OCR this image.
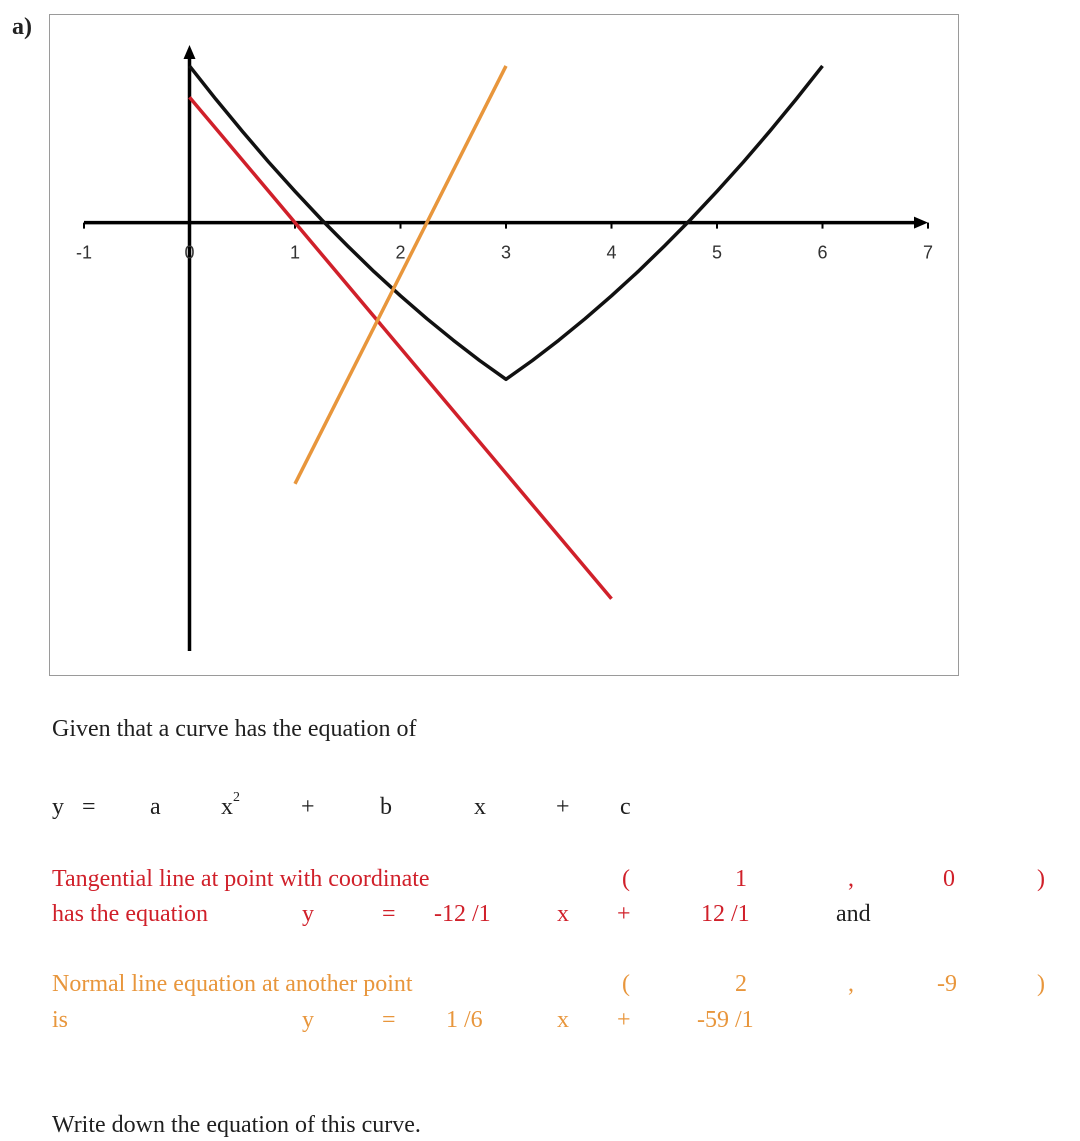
a)
-1	0	1	2	3	4	5	6	7
Given that a curve has the equation of
y = a	$x^2$	+	b	x	+ c
Tangential line at point with coordinate	(	1	,	0	)
has the equation	y	= -12 /1	x +	12 /1	and
Normal line equation at another point	(	2	,	-9	)
is	y	= 1 /6	x +	-59 /1
Write down the equation of this curve.
